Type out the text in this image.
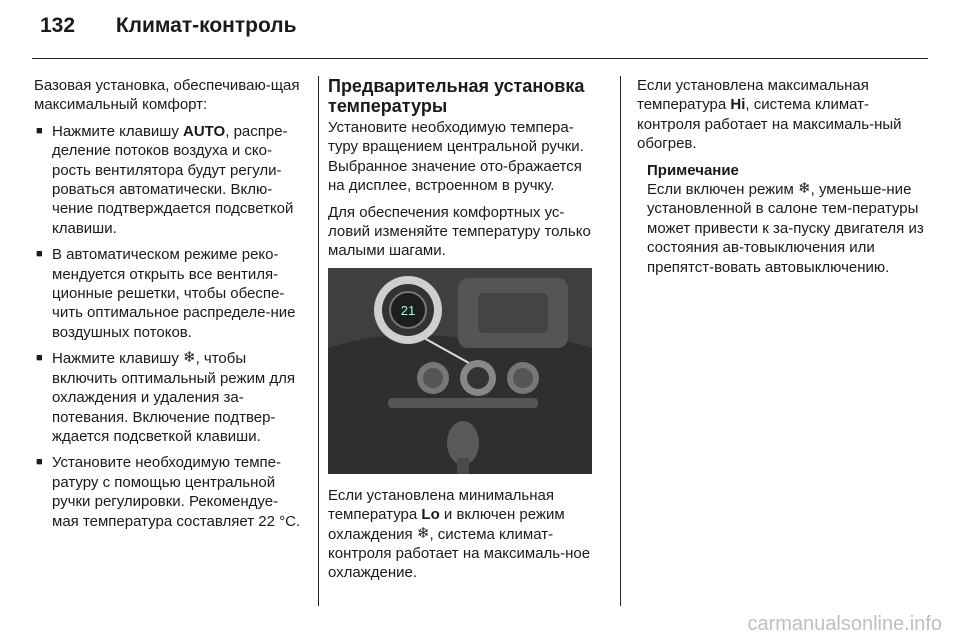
132 Климат-контроль

Базовая установка, обеспечиваю-щая максимальный комфорт:

■ Нажмите клавишу AUTO, распре-деление потоков воздуха и ско-рость вентилятора будут регули-роваться автоматически. Вклю-чение подтверждается подсветкой клавиши.
■ В автоматическом режиме реко-мендуется открыть все вентиля-ционные решетки, чтобы обеспе-чить оптимальное распределе-ние воздушных потоков.
■ Нажмите клавишу ❄, чтобы включить оптимальный режим для охлаждения и удаления за-потевания. Включение подтвер-ждается подсветкой клавиши.
■ Установите необходимую темпе-ратуру с помощью центральной ручки регулировки. Рекомендуе-мая температура составляет 22 °C.
Предварительная установка температуры

Установите необходимую темпера-туру вращением центральной ручки. Выбранное значение ото-бражается на дисплее, встроенном в ручку.

Для обеспечения комфортных ус-ловий изменяйте температуру только малыми шагами.

21

Если установлена минимальная температура Lo и включен режим охлаждения ❄, система климат-контроля работает на максималь-ное охлаждение.

Если установлена максимальная температура Hi, система климат-контроля работает на максималь-ный обогрев.

Примечание

Если включен режим ❄, уменьше-ние установленной в салоне тем-пературы может привести к за-пуску двигателя из состояния ав-товыключения или препятст-вовать автовыключению.

carmanualsonline.info
